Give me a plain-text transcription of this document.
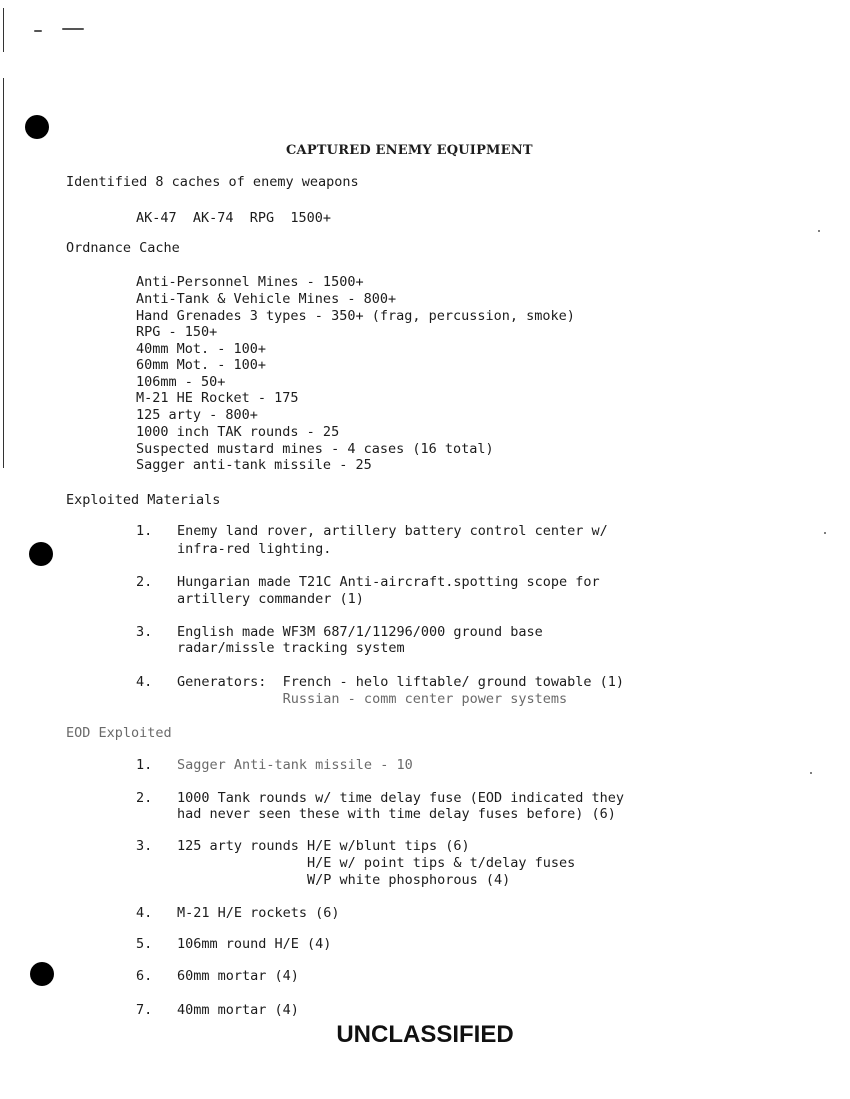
CAPTURED ENEMY EQUIPMENT
Identified 8 caches of enemy weapons
AK-47  AK-74  RPG  1500+
Ordnance Cache
Anti-Personnel Mines - 1500+
Anti-Tank & Vehicle Mines - 800+
Hand Grenades 3 types - 350+ (frag, percussion, smoke)
RPG - 150+
40mm Mot. - 100+
60mm Mot. - 100+
106mm - 50+
M-21 HE Rocket - 175
125 arty - 800+
1000 inch TAK rounds - 25
Suspected mustard mines - 4 cases (16 total)
Sagger anti-tank missile - 25
Exploited Materials
1. Enemy land rover, artillery battery control center w/
infra-red lighting.
2. Hungarian made T21C Anti-aircraft.spotting scope for
artillery commander (1)
3. English made WF3M 687/1/11296/000 ground base
radar/missle tracking system
4. Generators:  French - helo liftable/ ground towable (1)
Russian - comm center power systems
EOD Exploited
1. Sagger Anti-tank missile - 10
2. 1000 Tank rounds w/ time delay fuse (EOD indicated they
had never seen these with time delay fuses before) (6)
3. 125 arty rounds H/E w/blunt tips (6)
H/E w/ point tips & t/delay fuses
W/P white phosphorous (4)
4. M-21 H/E rockets (6)
5. 106mm round H/E (4)
6. 60mm mortar (4)
7. 40mm mortar (4)
UNCLASSIFIED
